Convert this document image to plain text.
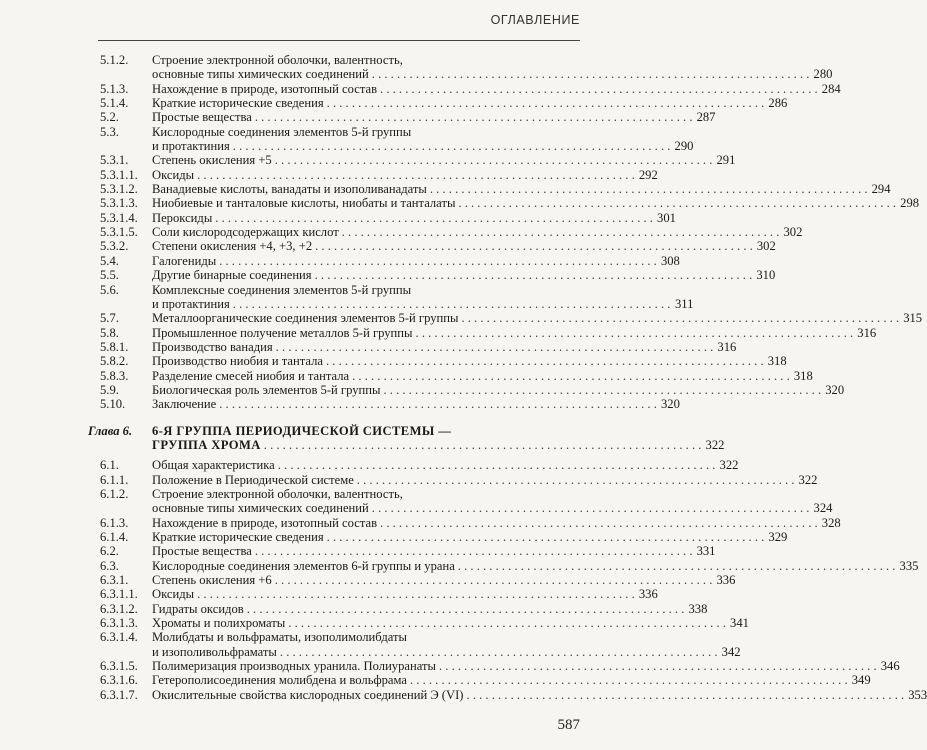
ОГЛАВЛЕНИЕ
5.1.2.	Строение электронной оболочки, валентность,
основные типы химических соединений . . .	280
5.1.3.	Нахождение в природе, изотопный состав . . .	284
5.1.4.	Краткие исторические сведения . . .	286
5.2.	Простые вещества . . .	287
5.3.	Кислородные соединения элементов 5-й группы
и протактиния . . .	290
5.3.1.	Степень окисления +5 . . .	291
5.3.1.1.	Оксиды . . .	292
5.3.1.2.	Ванадиевые кислоты, ванадаты и изополиванадаты . . .	294
5.3.1.3.	Ниобиевые и танталовые кислоты, ниобаты и танталаты . . .	298
5.3.1.4.	Пероксиды . . .	301
5.3.1.5.	Соли кислородсодержащих кислот . . .	302
5.3.2.	Степени окисления +4, +3, +2 . . .	302
5.4.	Галогениды . . .	308
5.5.	Другие бинарные соединения . . .	310
5.6.	Комплексные соединения элементов 5-й группы
и протактиния . . .	311
5.7.	Металлоорганические соединения элементов 5-й группы . . .	315
5.8.	Промышленное получение металлов 5-й группы . . .	316
5.8.1.	Производство ванадия . . .	316
5.8.2.	Производство ниобия и тантала . . .	318
5.8.3.	Разделение смесей ниобия и тантала . . .	318
5.9.	Биологическая роль элементов 5-й группы . . .	320
5.10.	Заключение . . .	320
Глава 6.	6-Я ГРУППА ПЕРИОДИЧЕСКОЙ СИСТЕМЫ —
ГРУППА ХРОМА . . .	322
6.1.	Общая характеристика . . .	322
6.1.1.	Положение в Периодической системе . . .	322
6.1.2.	Строение электронной оболочки, валентность,
основные типы химических соединений . . .	324
6.1.3.	Нахождение в природе, изотопный состав . . .	328
6.1.4.	Краткие исторические сведения . . .	329
6.2.	Простые вещества . . .	331
6.3.	Кислородные соединения элементов 6-й группы и урана . . .	335
6.3.1.	Степень окисления +6 . . .	336
6.3.1.1.	Оксиды . . .	336
6.3.1.2.	Гидраты оксидов . . .	338
6.3.1.3.	Хроматы и полихроматы . . .	341
6.3.1.4.	Молибдаты и вольфраматы, изополимолибдаты
и изополивольфраматы . . .	342
6.3.1.5.	Полимеризация производных уранила. Полиуранаты . . .	346
6.3.1.6.	Гетерополисоединения молибдена и вольфрама . . .	349
6.3.1.7.	Окислительные свойства кислородных соединений Э (VI) . . .	353
587
